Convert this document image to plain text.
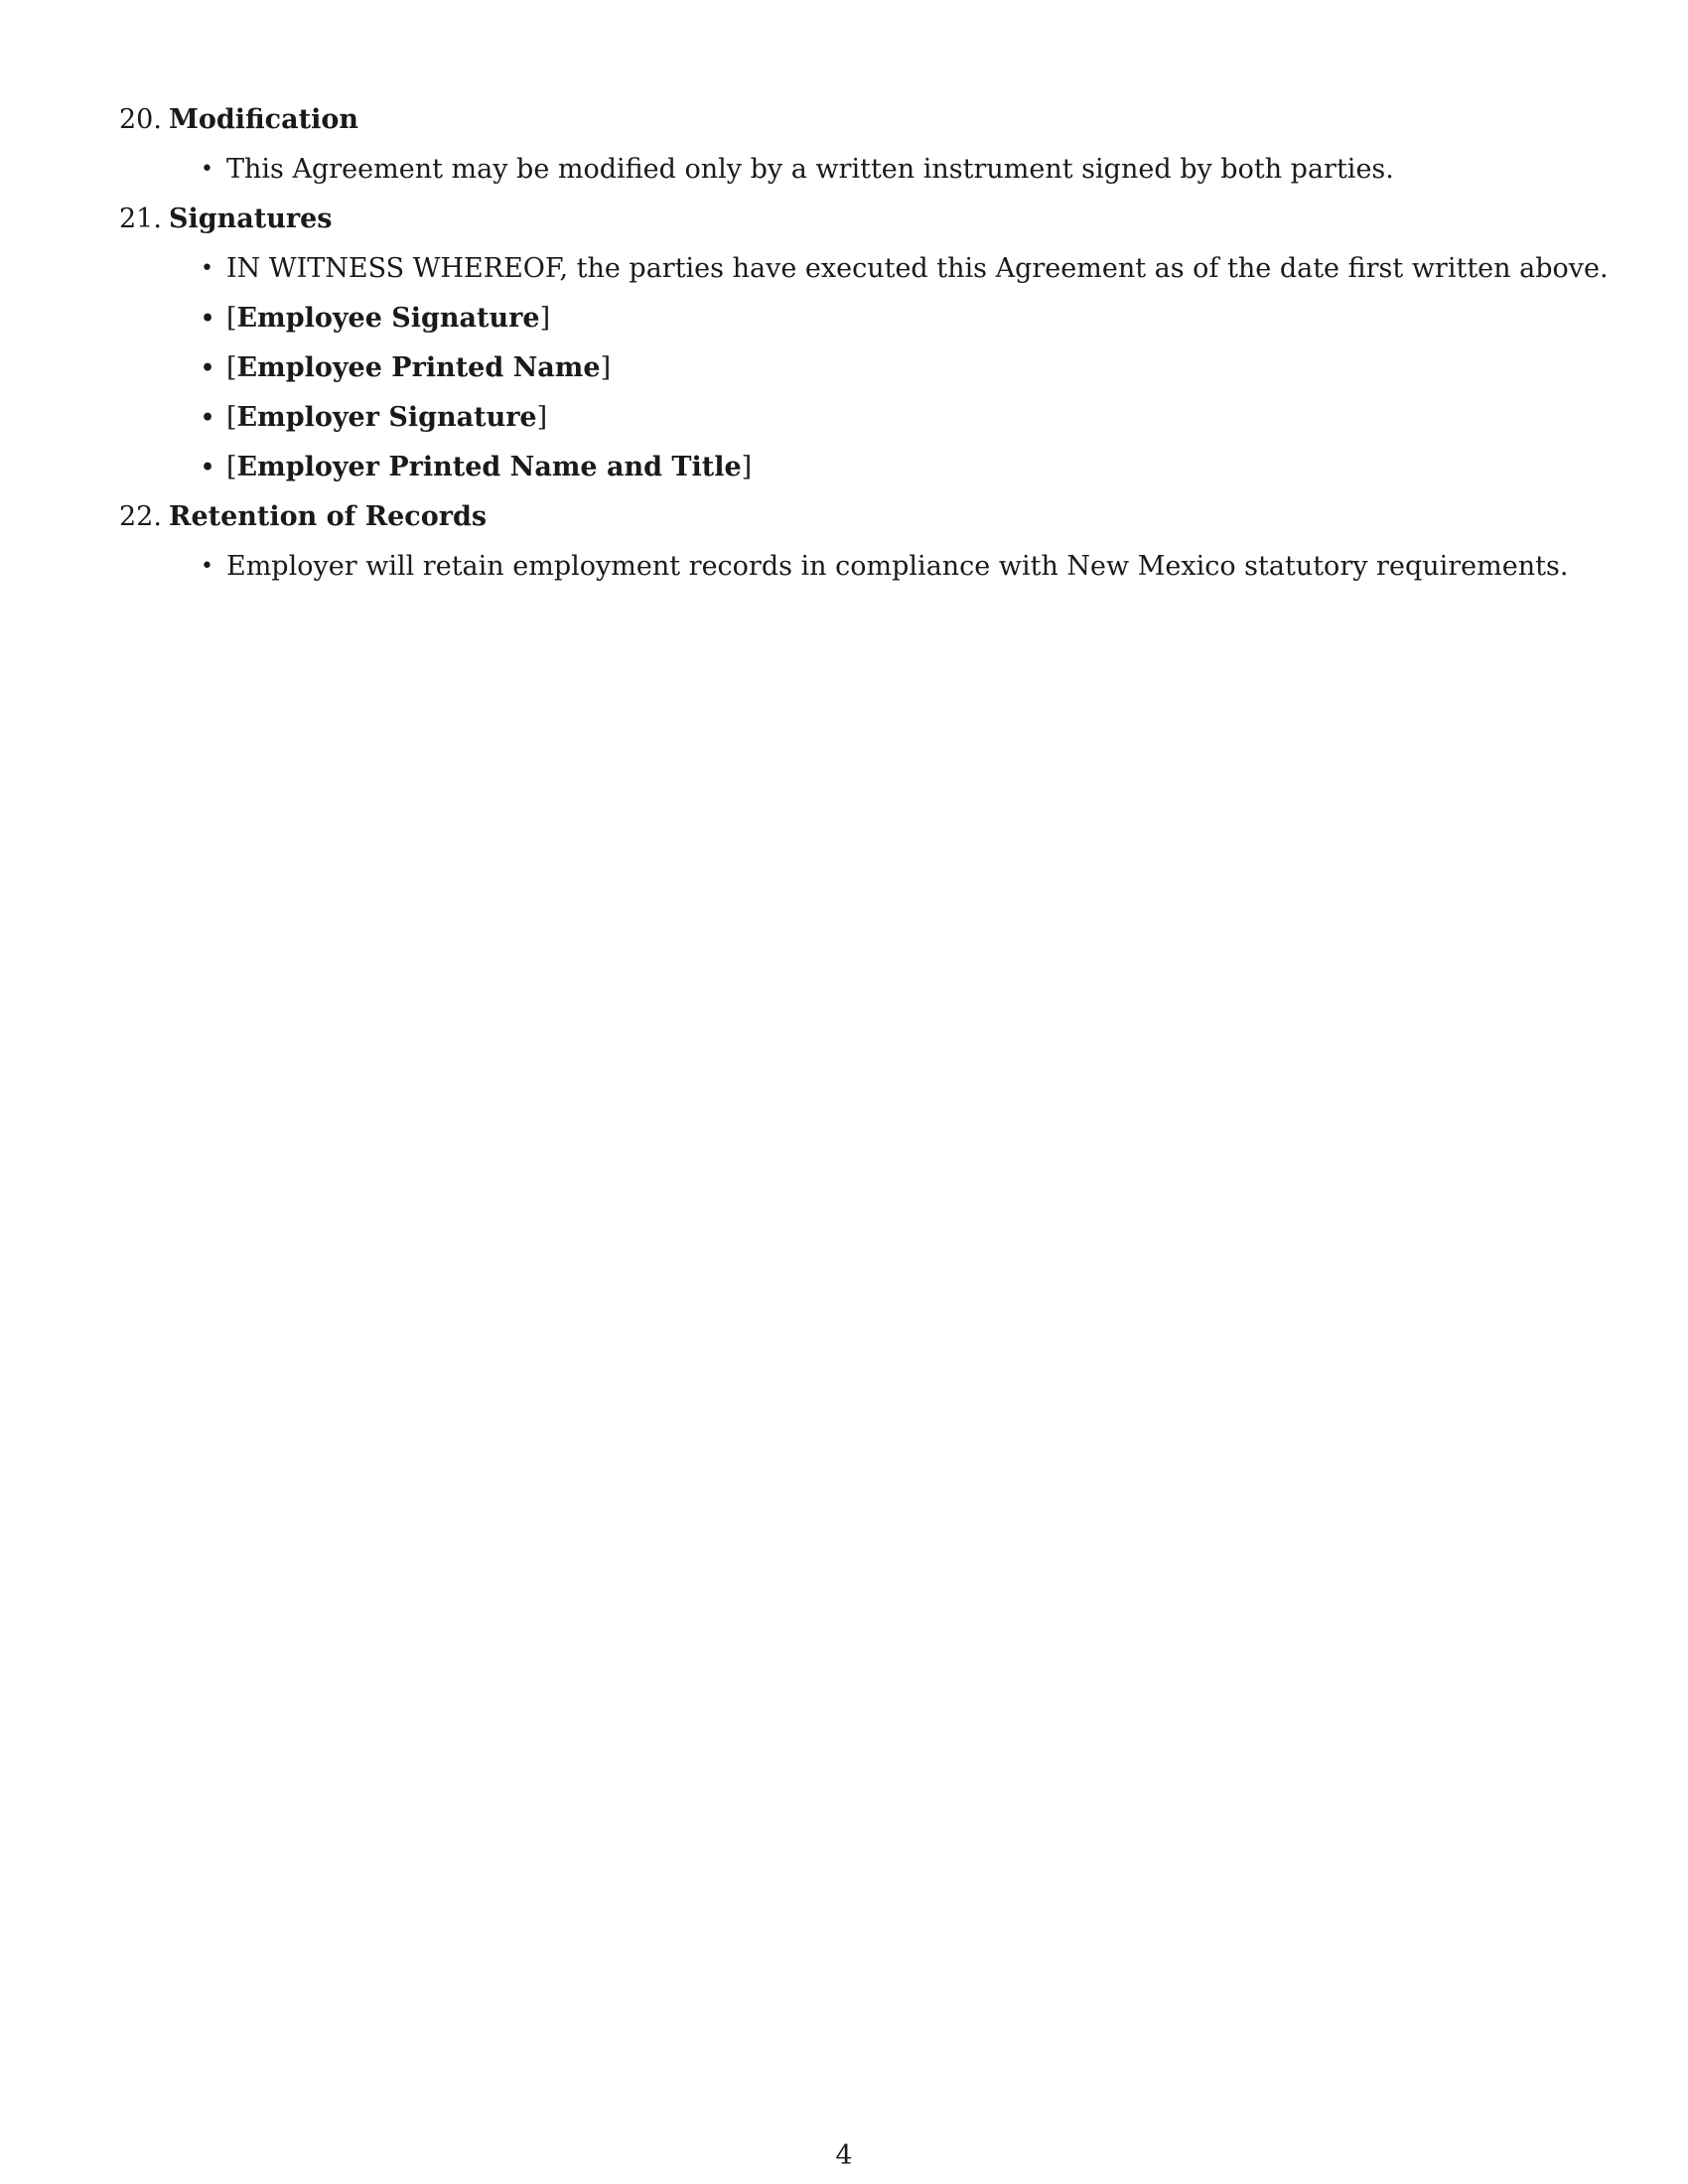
20. Modification
• This Agreement may be modified only by a written instrument signed by both parties.
21. Signatures
• IN WITNESS WHEREOF, the parties have executed this Agreement as of the date first written above.
• [Employee Signature]
• [Employee Printed Name]
• [Employer Signature]
• [Employer Printed Name and Title]
22. Retention of Records
• Employer will retain employment records in compliance with New Mexico statutory requirements.
4
